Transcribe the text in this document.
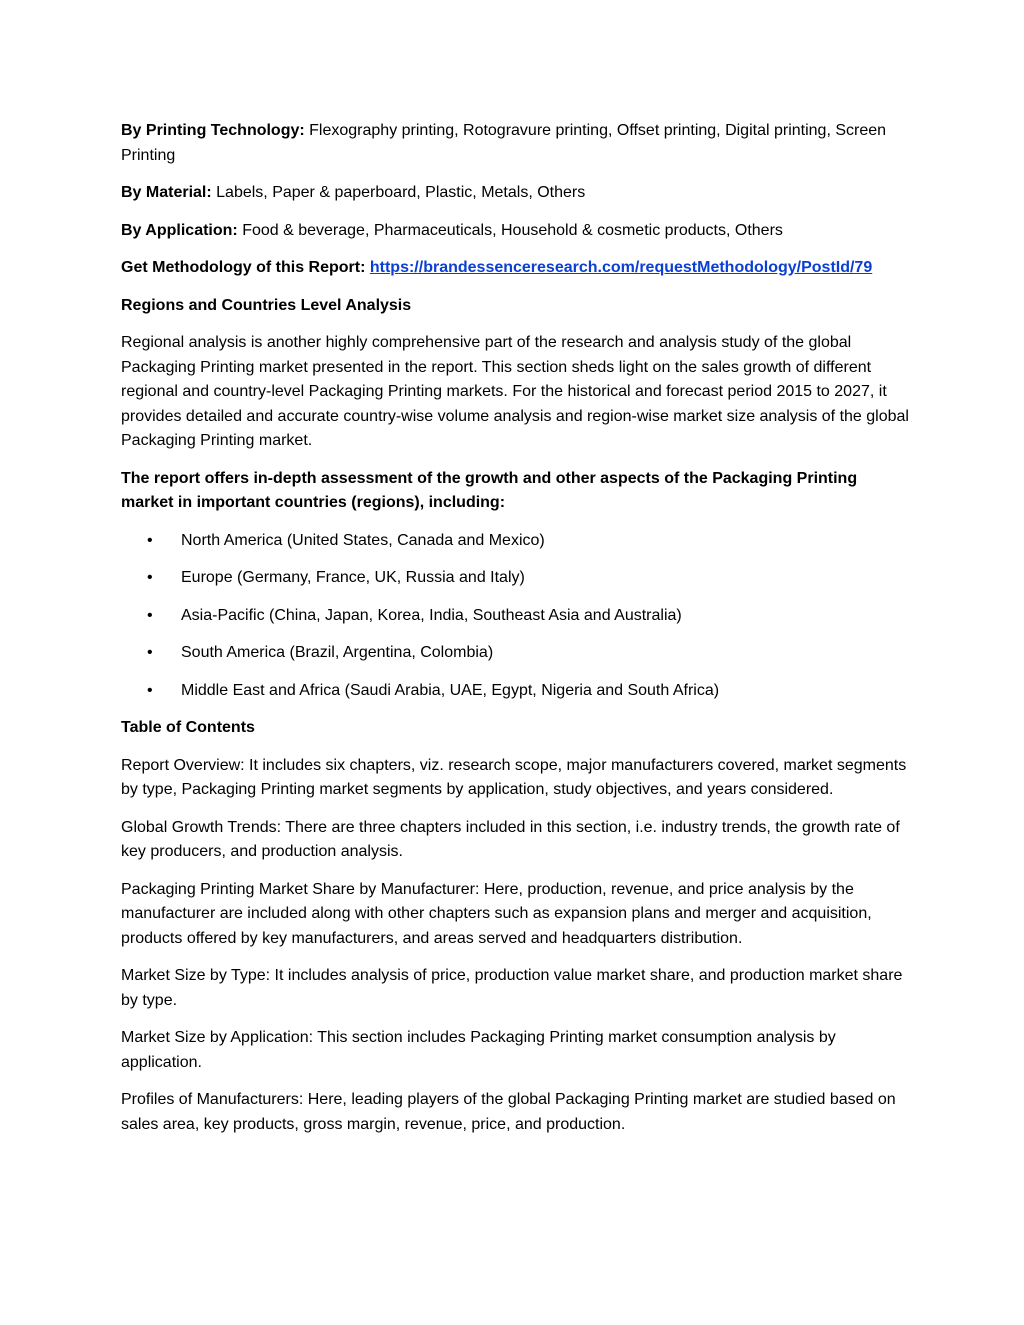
By Printing Technology: Flexography printing, Rotogravure printing, Offset printing, Digital printing, Screen Printing

By Material: Labels, Paper & paperboard, Plastic, Metals, Others

By Application: Food & beverage, Pharmaceuticals, Household & cosmetic products, Others

Get Methodology of this Report: https://brandessenceresearch.com/requestMethodology/PostId/79

Regions and Countries Level Analysis

Regional analysis is another highly comprehensive part of the research and analysis study of the global Packaging Printing market presented in the report. This section sheds light on the sales growth of different regional and country-level Packaging Printing markets. For the historical and forecast period 2015 to 2027, it provides detailed and accurate country-wise volume analysis and region-wise market size analysis of the global Packaging Printing market.

The report offers in-depth assessment of the growth and other aspects of the Packaging Printing market in important countries (regions), including:

• North America (United States, Canada and Mexico)
• Europe (Germany, France, UK, Russia and Italy)
• Asia-Pacific (China, Japan, Korea, India, Southeast Asia and Australia)
• South America (Brazil, Argentina, Colombia)
• Middle East and Africa (Saudi Arabia, UAE, Egypt, Nigeria and South Africa)

Table of Contents

Report Overview: It includes six chapters, viz. research scope, major manufacturers covered, market segments by type, Packaging Printing market segments by application, study objectives, and years considered.

Global Growth Trends: There are three chapters included in this section, i.e. industry trends, the growth rate of key producers, and production analysis.

Packaging Printing Market Share by Manufacturer: Here, production, revenue, and price analysis by the manufacturer are included along with other chapters such as expansion plans and merger and acquisition, products offered by key manufacturers, and areas served and headquarters distribution.

Market Size by Type: It includes analysis of price, production value market share, and production market share by type.

Market Size by Application: This section includes Packaging Printing market consumption analysis by application.

Profiles of Manufacturers: Here, leading players of the global Packaging Printing market are studied based on sales area, key products, gross margin, revenue, price, and production.
